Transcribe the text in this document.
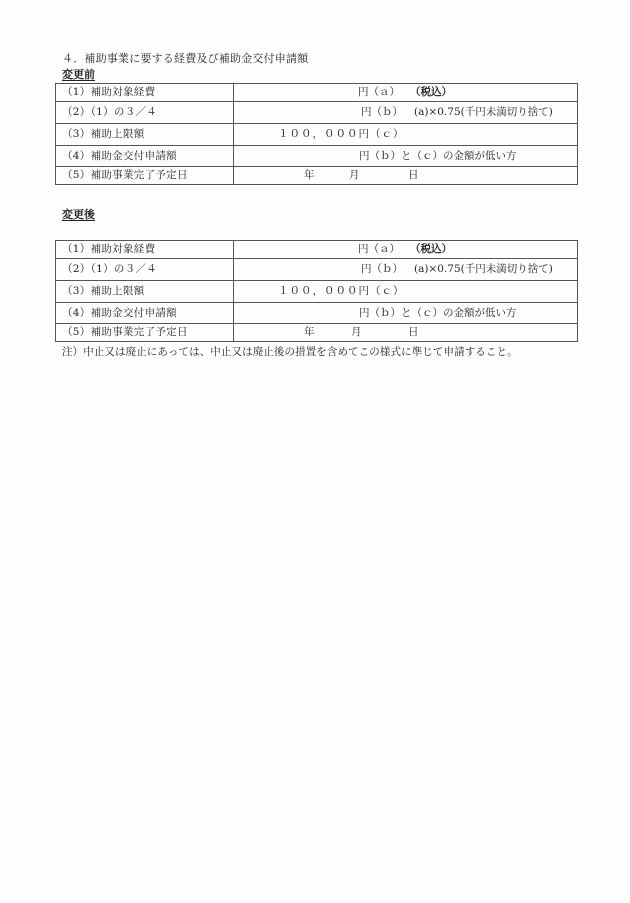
４．補助事業に要する経費及び補助金交付申請額
変更前
（1）補助対象経費	円（ａ） （税込）

（2）（1）の３／４	円（ｂ） (a)×0.75(千円未満切り捨て)

（3）補助上限額	１００，０００円（ｃ）

（4）補助金交付申請額	円（ｂ）と（ｃ）の金額が低い方

（5）補助事業完了予定日	年 月 日
変更後
（1）補助対象経費	円（ａ） （税込）

（2）（1）の３／４	円（ｂ） (a)×0.75(千円未満切り捨て)

（3）補助上限額	１００，０００円（ｃ）

（4）補助金交付申請額	円（ｂ）と（ｃ）の金額が低い方

（5）補助事業完了予定日	年 月 日
注）中止又は廃止にあっては、中止又は廃止後の措置を含めてこの様式に準じて申請すること。
